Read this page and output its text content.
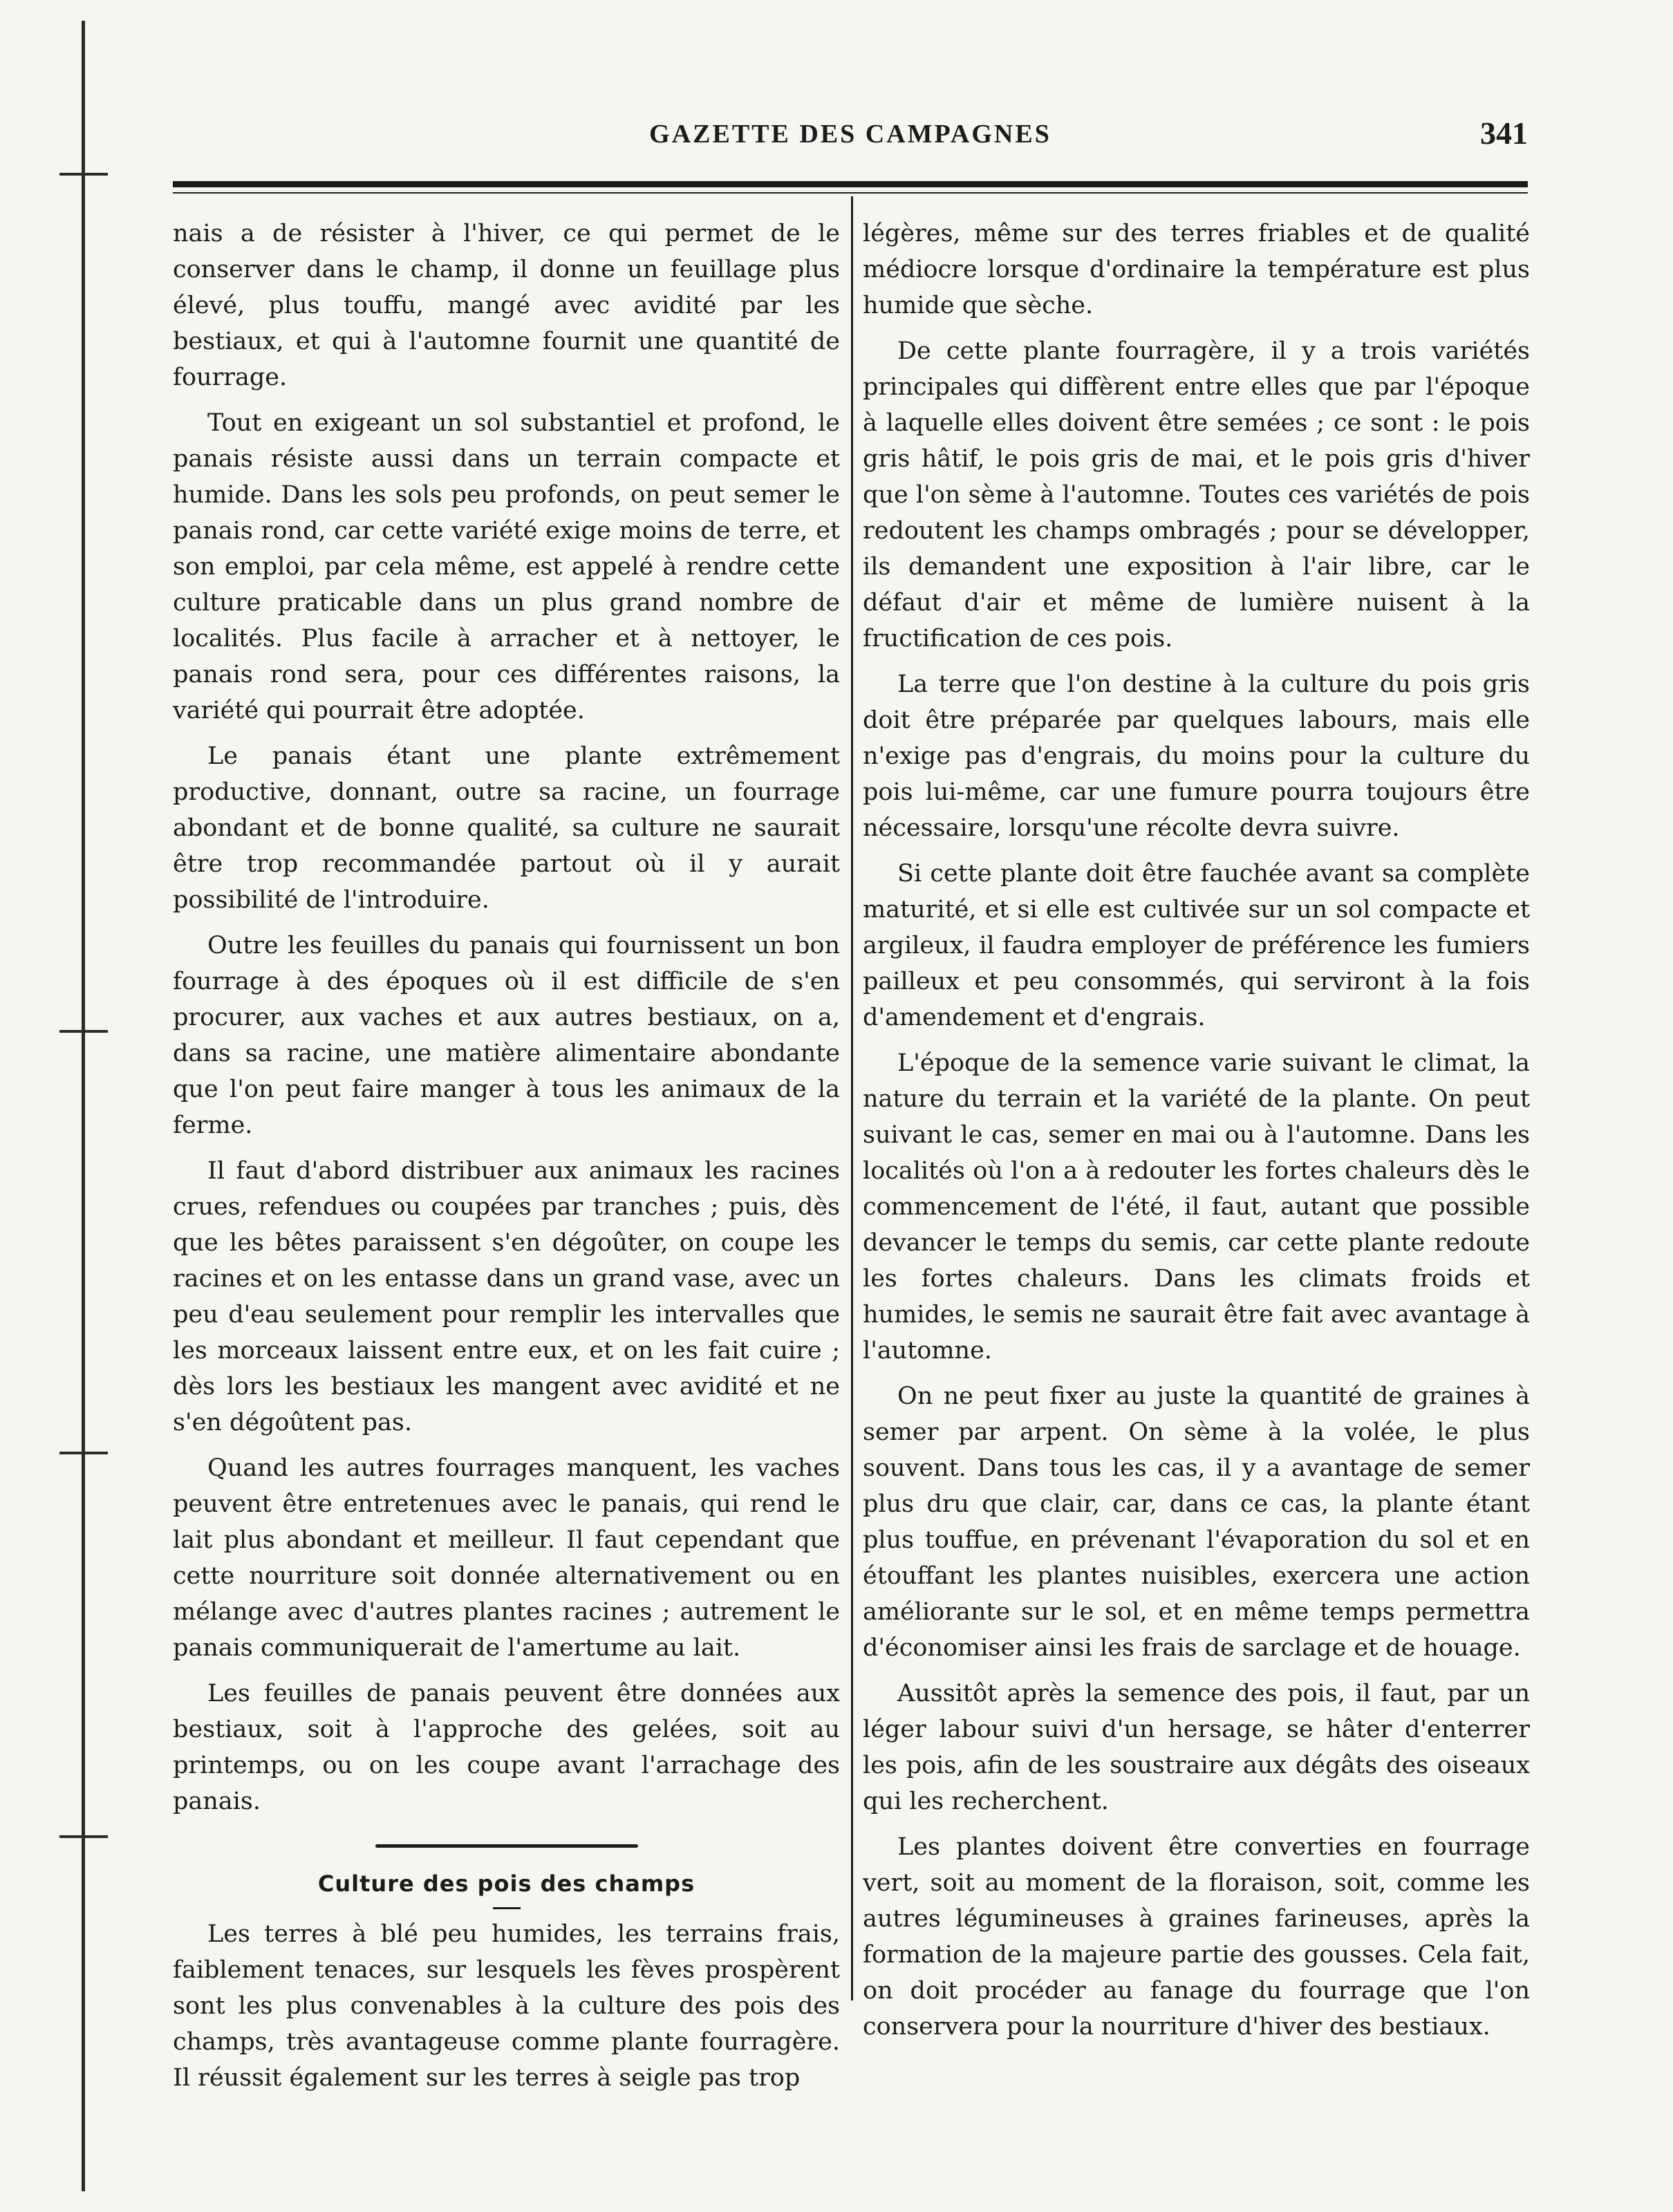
GAZETTE DES CAMPAGNES	341

nais a de résister à l'hiver, ce qui permet de le conserver dans le champ, il donne un feuillage plus élevé, plus touffu, mangé avec avidité par les bestiaux, et qui à l'automne fournit une quantité de fourrage.

Tout en exigeant un sol substantiel et profond, le panais résiste aussi dans un terrain compacte et humide. Dans les sols peu profonds, on peut semer le panais rond, car cette variété exige moins de terre, et son emploi, par cela même, est appelé à rendre cette culture praticable dans un plus grand nombre de localités. Plus facile à arracher et à nettoyer, le panais rond sera, pour ces différentes raisons, la variété qui pourrait être adoptée.

Le panais étant une plante extrêmement productive, donnant, outre sa racine, un fourrage abondant et de bonne qualité, sa culture ne saurait être trop recommandée partout où il y aurait possibilité de l'introduire.

Outre les feuilles du panais qui fournissent un bon fourrage à des époques où il est difficile de s'en procurer, aux vaches et aux autres bestiaux, on a, dans sa racine, une matière alimentaire abondante que l'on peut faire manger à tous les animaux de la ferme.

Il faut d'abord distribuer aux animaux les racines crues, refendues ou coupées par tranches ; puis, dès que les bêtes paraissent s'en dégoûter, on coupe les racines et on les entasse dans un grand vase, avec un peu d'eau seulement pour remplir les intervalles que les morceaux laissent entre eux, et on les fait cuire ; dès lors les bestiaux les mangent avec avidité et ne s'en dégoûtent pas.

Quand les autres fourrages manquent, les vaches peuvent être entretenues avec le panais, qui rend le lait plus abondant et meilleur. Il faut cependant que cette nourriture soit donnée alternativement ou en mélange avec d'autres plantes racines ; autrement le panais communiquerait de l'amertume au lait.

Les feuilles de panais peuvent être données aux bestiaux, soit à l'approche des gelées, soit au printemps, ou on les coupe avant l'arrachage des panais.

Culture des pois des champs

Les terres à blé peu humides, les terrains frais, faiblement tenaces, sur lesquels les fèves prospèrent sont les plus convenables à la culture des pois des champs, très avantageuse comme plante fourragère. Il réussit également sur les terres à seigle pas trop

légères, même sur des terres friables et de qualité médiocre lorsque d'ordinaire la température est plus humide que sèche.

De cette plante fourragère, il y a trois variétés principales qui diffèrent entre elles que par l'époque à laquelle elles doivent être semées ; ce sont : le pois gris hâtif, le pois gris de mai, et le pois gris d'hiver que l'on sème à l'automne. Toutes ces variétés de pois redoutent les champs ombragés ; pour se développer, ils demandent une exposition à l'air libre, car le défaut d'air et même de lumière nuisent à la fructification de ces pois.

La terre que l'on destine à la culture du pois gris doit être préparée par quelques labours, mais elle n'exige pas d'engrais, du moins pour la culture du pois lui-même, car une fumure pourra toujours être nécessaire, lorsqu'une récolte devra suivre.

Si cette plante doit être fauchée avant sa complète maturité, et si elle est cultivée sur un sol compacte et argileux, il faudra employer de préférence les fumiers pailleux et peu consommés, qui serviront à la fois d'amendement et d'engrais.

L'époque de la semence varie suivant le climat, la nature du terrain et la variété de la plante. On peut suivant le cas, semer en mai ou à l'automne. Dans les localités où l'on a à redouter les fortes chaleurs dès le commencement de l'été, il faut, autant que possible devancer le temps du semis, car cette plante redoute les fortes chaleurs. Dans les climats froids et humides, le semis ne saurait être fait avec avantage à l'automne.

On ne peut fixer au juste la quantité de graines à semer par arpent. On sème à la volée, le plus souvent. Dans tous les cas, il y a avantage de semer plus dru que clair, car, dans ce cas, la plante étant plus touffue, en prévenant l'évaporation du sol et en étouffant les plantes nuisibles, exercera une action améliorante sur le sol, et en même temps permettra d'économiser ainsi les frais de sarclage et de houage.

Aussitôt après la semence des pois, il faut, par un léger labour suivi d'un hersage, se hâter d'enterrer les pois, afin de les soustraire aux dégâts des oiseaux qui les recherchent.

Les plantes doivent être converties en fourrage vert, soit au moment de la floraison, soit, comme les autres légumineuses à graines farineuses, après la formation de la majeure partie des gousses. Cela fait, on doit procéder au fanage du fourrage que l'on conservera pour la nourriture d'hiver des bestiaux.
